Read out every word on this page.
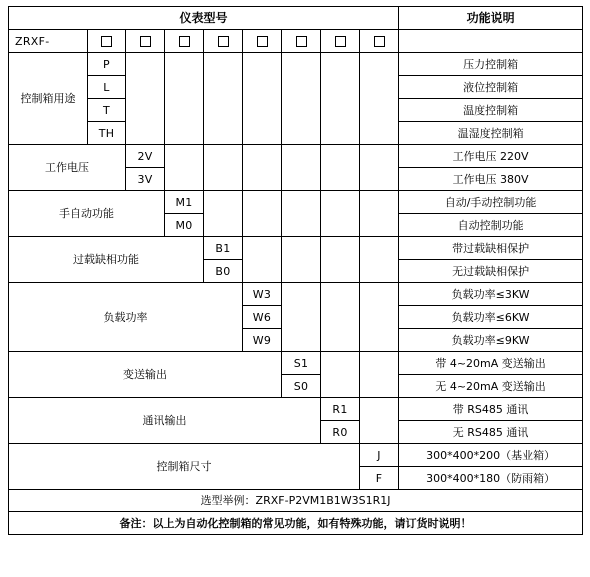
仪表型号									功能说明
ZRXF-									
控制箱用途	P								压力控制箱
	L								液位控制箱
	T								温度控制箱
	TH								温湿度控制箱
工作电压		2V							工作电压 220V
		3V							工作电压 380V
手自动功能			M1						自动/手动控制功能
			M0						自动控制功能
过载缺相功能				B1					带过载缺相保护
				B0					无过载缺相保护
负载功率					W3				负载功率≤3KW
					W6				负载功率≤6KW
					W9				负载功率≤9KW
变送输出						S1			带 4~20mA 变送输出
						S0			无 4~20mA 变送输出
通讯输出							R1		带 RS485 通讯
							R0		无 RS485 通讯
控制箱尺寸								J	300*400*200（基业箱）
								F	300*400*180（防雨箱）
选型举例：ZRXF-P2VM1B1W3S1R1J									
备注：以上为自动化控制箱的常见功能，如有特殊功能，请订货时说明！									
